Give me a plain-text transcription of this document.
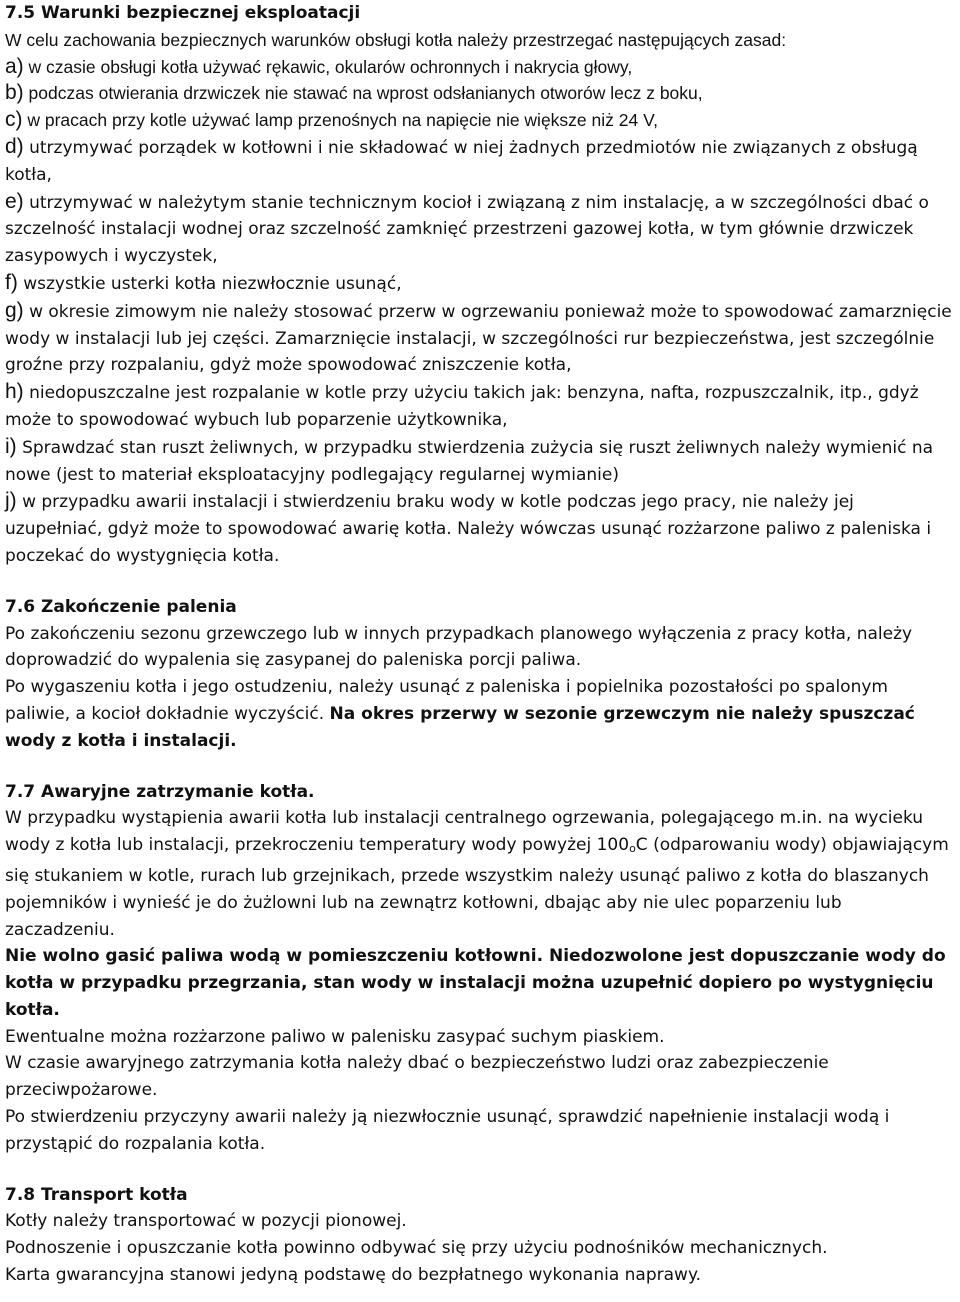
7.5 Warunki bezpiecznej eksploatacji

W celu zachowania bezpiecznych warunków obsługi kotła należy przestrzegać następujących zasad:

a) w czasie obsługi kotła używać rękawic, okularów ochronnych i nakrycia głowy,

b) podczas otwierania drzwiczek nie stawać na wprost odsłanianych otworów lecz z boku,

c) w pracach przy kotle używać lamp przenośnych na napięcie nie większe niż 24 V,

d) utrzymywać porządek w kotłowni i nie składować w niej żadnych przedmiotów nie związanych z obsługą kotła,

e) utrzymywać w należytym stanie technicznym kocioł i związaną z nim instalację, a w szczególności dbać o szczelność instalacji wodnej oraz szczelność zamknięć przestrzeni gazowej kotła, w tym głównie drzwiczek zasypowych i wyczystek,

f) wszystkie usterki kotła niezwłocznie usunąć,

g) w okresie zimowym nie należy stosować przerw w ogrzewaniu ponieważ może to spowodować zamarznięcie wody w instalacji lub jej części. Zamarznięcie instalacji, w szczególności rur bezpieczeństwa, jest szczególnie groźne przy rozpalaniu, gdyż może spowodować zniszczenie kotła,

h) niedopuszczalne jest rozpalanie w kotle przy użyciu takich jak: benzyna, nafta, rozpuszczalnik, itp., gdyż może to spowodować wybuch lub poparzenie użytkownika,

i) Sprawdzać stan ruszt żeliwnych, w przypadku stwierdzenia zużycia się ruszt żeliwnych należy wymienić na nowe (jest to materiał eksploatacyjny podlegający regularnej wymianie)

j) w przypadku awarii instalacji i stwierdzeniu braku wody w kotle podczas jego pracy, nie należy jej uzupełniać, gdyż może to spowodować awarię kotła. Należy wówczas usunąć rozżarzone paliwo z paleniska i poczekać do wystygnięcia kotła.

7.6 Zakończenie palenia

Po zakończeniu sezonu grzewczego lub w innych przypadkach planowego wyłączenia z pracy kotła, należy

doprowadzić do wypalenia się zasypanej do paleniska porcji paliwa.

Po wygaszeniu kotła i jego ostudzeniu, należy usunąć z paleniska i popielnika pozostałości po spalonym paliwie, a kocioł dokładnie wyczyścić. Na okres przerwy w sezonie grzewczym nie należy spuszczać wody z kotła i instalacji.

7.7 Awaryjne zatrzymanie kotła.

W przypadku wystąpienia awarii kotła lub instalacji centralnego ogrzewania, polegającego m.in. na wycieku wody z kotła lub instalacji, przekroczeniu temperatury wody powyżej 100oC (odparowaniu wody) objawiającym się stukaniem w kotle, rurach lub grzejnikach, przede wszystkim należy usunąć paliwo z kotła do blaszanych pojemników i wynieść je do żużlowni lub na zewnątrz kotłowni, dbając aby nie ulec poparzeniu lub zaczadzeniu.

Nie wolno gasić paliwa wodą w pomieszczeniu kotłowni. Niedozwolone jest dopuszczanie wody do kotła w przypadku przegrzania, stan wody w instalacji można uzupełnić dopiero po wystygnięciu kotła.

Ewentualne można rozżarzone paliwo w palenisku zasypać suchym piaskiem.

W czasie awaryjnego zatrzymania kotła należy dbać o bezpieczeństwo ludzi oraz zabezpieczenie przeciwpożarowe.

Po stwierdzeniu przyczyny awarii należy ją niezwłocznie usunąć, sprawdzić napełnienie instalacji wodą i przystąpić do rozpalania kotła.

7.8 Transport kotła

Kotły należy transportować w pozycji pionowej.

Podnoszenie i opuszczanie kotła powinno odbywać się przy użyciu podnośników mechanicznych.

Karta gwarancyjna stanowi jedyną podstawę do bezpłatnego wykonania naprawy.
